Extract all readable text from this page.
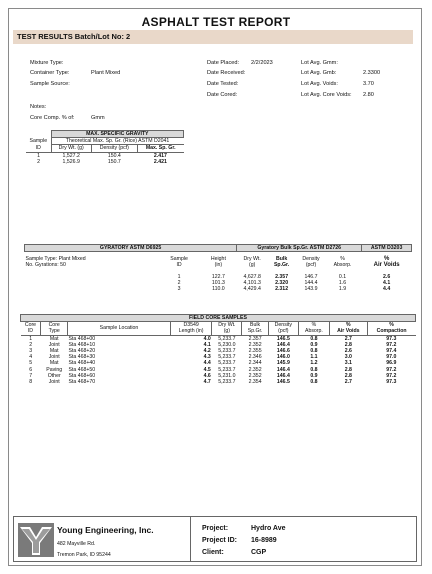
ASPHALT TEST REPORT
TEST RESULTS Batch/Lot No: 2
Mixture Type:
Container Type:	Plant Mixed
Sample Source:
Date Placed: 2/2/2023
Date Received:
Date Tested:
Date Cored:
Lot Avg. Gmm:
Lot Avg. Gmb:	2.3300
Lot Avg. Voids:	3.70
Lot Avg. Core Voids: 2.80
Notes:
Core Comp. % of:	Gmm
	MAX. SPECIFIC GRAVITY		
Sample	Theoretical Max. Sp. Gr. (Rice) ASTM D2041		
ID	Dry Wt. (g)	Density (pcf)	Max. Sp. Gr.
1	1,527.2	150.4	2.417
2	1,526.9	150.7	2.421
GYRATORY ASTM D6925			Gyratory Bulk Sp.Gr. ASTM D2726					ASTM D3203

Sample Type: Plant Mixed	Sample	Height	Dry Wt.	Bulk	Density	%		%
No. Gyrations: 50	ID	(in)	(g)	Sp.Gr.	(pcf)	Absorp.		Air Voids

	1	122.7	4,627.8	2.357	146.7	0.1		2.6
	2	101.3	4,101.3	2.320	144.4	1.6		4.1
	3	110.0	4,429.4	2.312	143.9	1.9		4.4
FIELD CORE SAMPLES									
Core	Core	Sample Location	D3549	Dry Wt.	Bulk	Density	%	%	%
ID	Type		Length (in)	(g)	Sp.Gr.	(pcf)	Absorp.	Air Voids	Compaction
1	Mat	Sta 468+00	4.0	5,233.7	2.357	146.5	0.8	2.7	97.3
2	Joint	Sta 468+10	4.1	5,230.0	2.352	146.4	0.9	2.8	97.2
3	Mat	Sta 468+20	4.2	5,233.7	2.355	146.6	0.8	2.6	97.4
4	Joint	Sta 468+30	4.3	5,233.7	2.346	146.0	1.1	3.0	97.0
5	Mat	Sta 468+40	4.4	5,233.7	2.344	145.9	1.2	3.1	96.9
6	Paving	Sta 468+50	4.5	5,233.7	2.352	146.4	0.8	2.8	97.2
7	Other	Sta 468+60	4.6	5,231.0	2.352	146.4	0.9	2.8	97.2
8	Joint	Sta 468+70	4.7	5,233.7	2.354	146.5	0.8	2.7	97.3
Young Engineering, Inc.
482 Mayville Rd.
Tremon Park, ID 95244
Project:	Hydro Ave
Project ID: 16-8989
Client:	CGP
